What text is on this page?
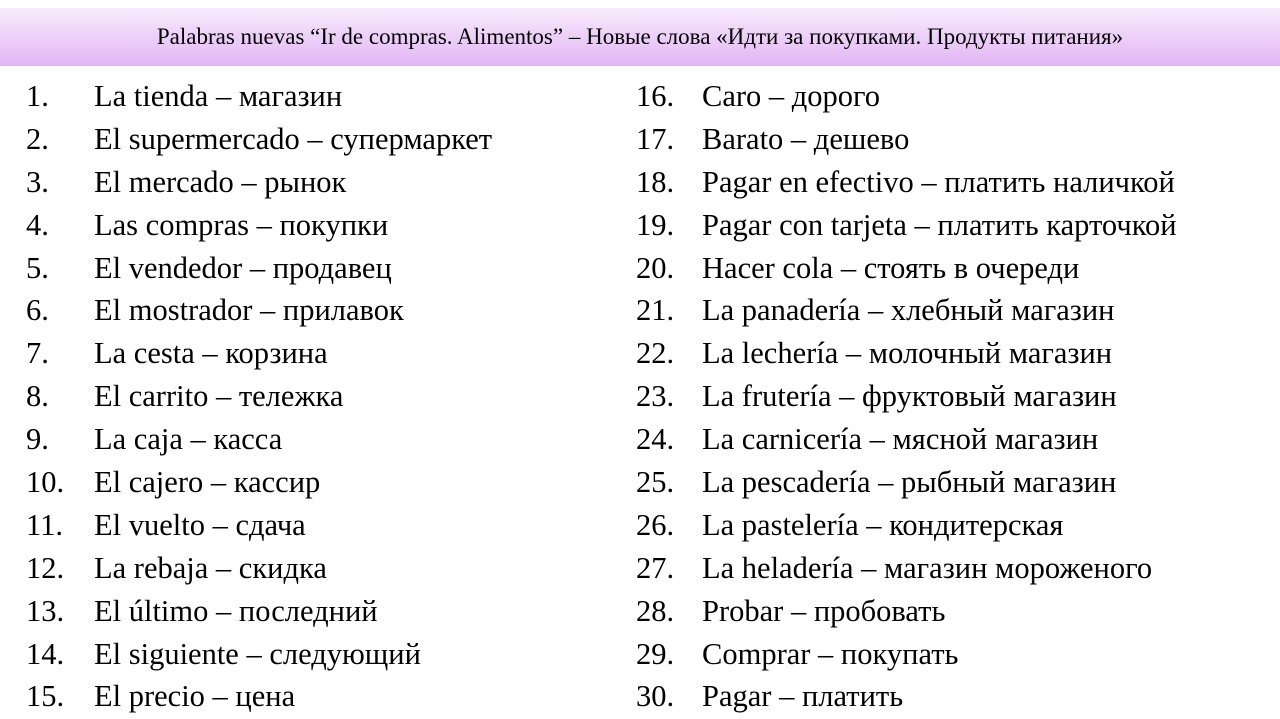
Palabras nuevas “Ir de compras. Alimentos” – Новые слова «Идти за покупками. Продукты питания»
1.	La tienda – магазин
2.	El supermercado – супермаркет
3.	El mercado – рынок
4.	Las compras – покупки
5.	El vendedor – продавец
6.	El mostrador – прилавок
7.	La cesta – корзина
8.	El carrito – тележка
9.	La caja – касса
10. El cajero – кассир
11.	El vuelto – сдача
12. La rebaja – скидка
13. El último – последний
14. El siguiente – следующий
15. El precio – цена
16. Caro – дорого
17. Barato – дешево
18. Pagar en efectivo – платить наличкой
19. Pagar con tarjeta – платить карточкой
20. Hacer cola – стоять в очереди
21. La panadería – хлебный магазин
22. La lechería – молочный магазин
23. La frutería – фруктовый магазин
24. La carnicería – мясной магазин
25. La pescadería – рыбный магазин
26. La pastelería – кондитерская
27. La heladería – магазин мороженого
28. Probar – пробовать
29. Comprar – покупать
30. Pagar – платить
